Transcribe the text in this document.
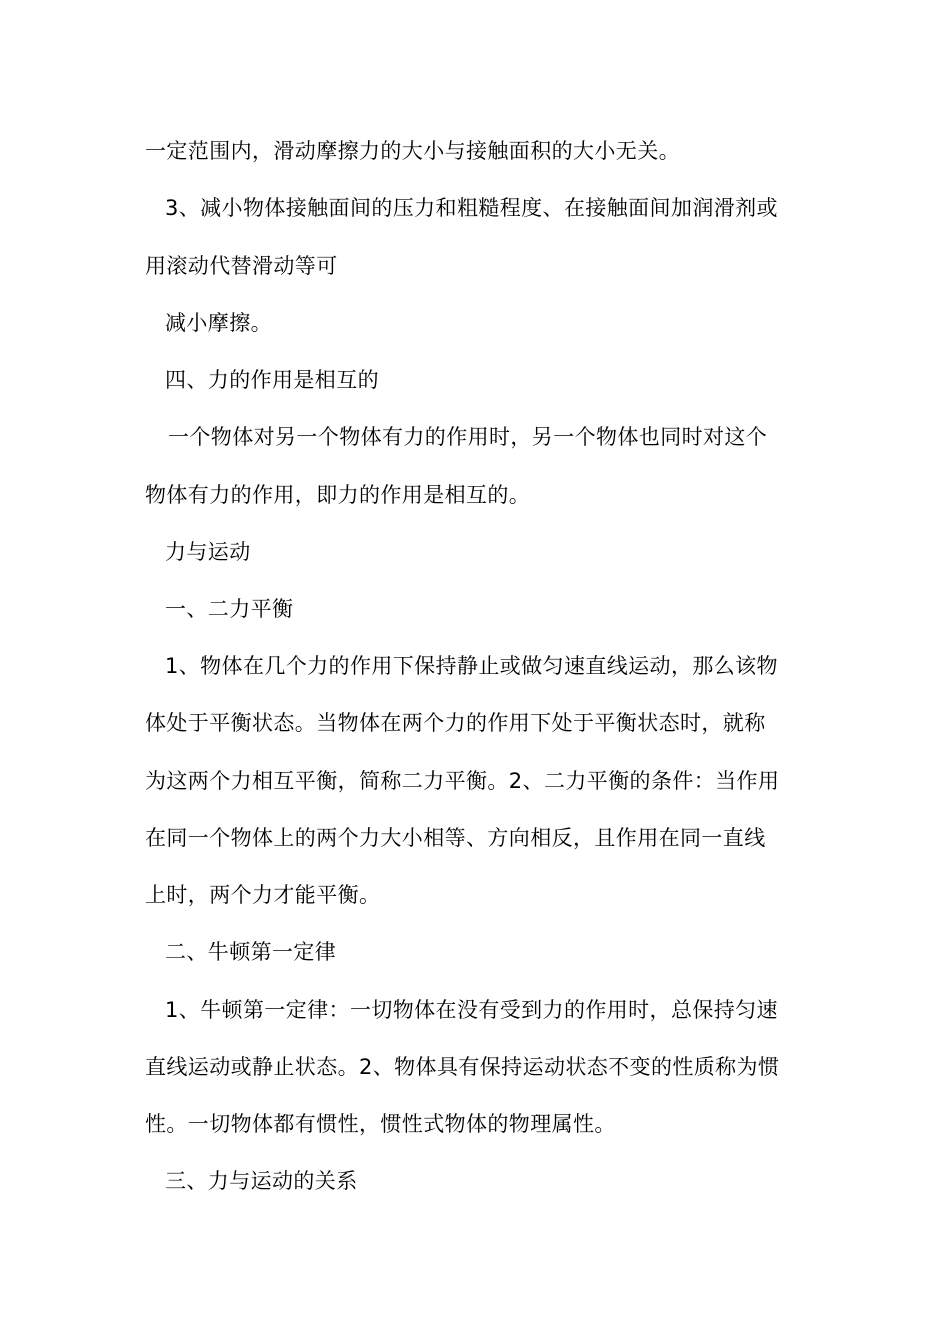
一定范围内，滑动摩擦力的大小与接触面积的大小无关。

3、减小物体接触面间的压力和粗糙程度、在接触面间加润滑剂或

用滚动代替滑动等可

减小摩擦。

四、力的作用是相互的

一个物体对另一个物体有力的作用时，另一个物体也同时对这个

物体有力的作用，即力的作用是相互的。

力与运动

一、二力平衡

1、物体在几个力的作用下保持静止或做匀速直线运动，那么该物

体处于平衡状态。当物体在两个力的作用下处于平衡状态时，就称

为这两个力相互平衡，简称二力平衡。2、二力平衡的条件：当作用

在同一个物体上的两个力大小相等、方向相反，且作用在同一直线

上时，两个力才能平衡。

二、牛顿第一定律

1、牛顿第一定律：一切物体在没有受到力的作用时，总保持匀速

直线运动或静止状态。2、物体具有保持运动状态不变的性质称为惯

性。一切物体都有惯性，惯性式物体的物理属性。

三、力与运动的关系
